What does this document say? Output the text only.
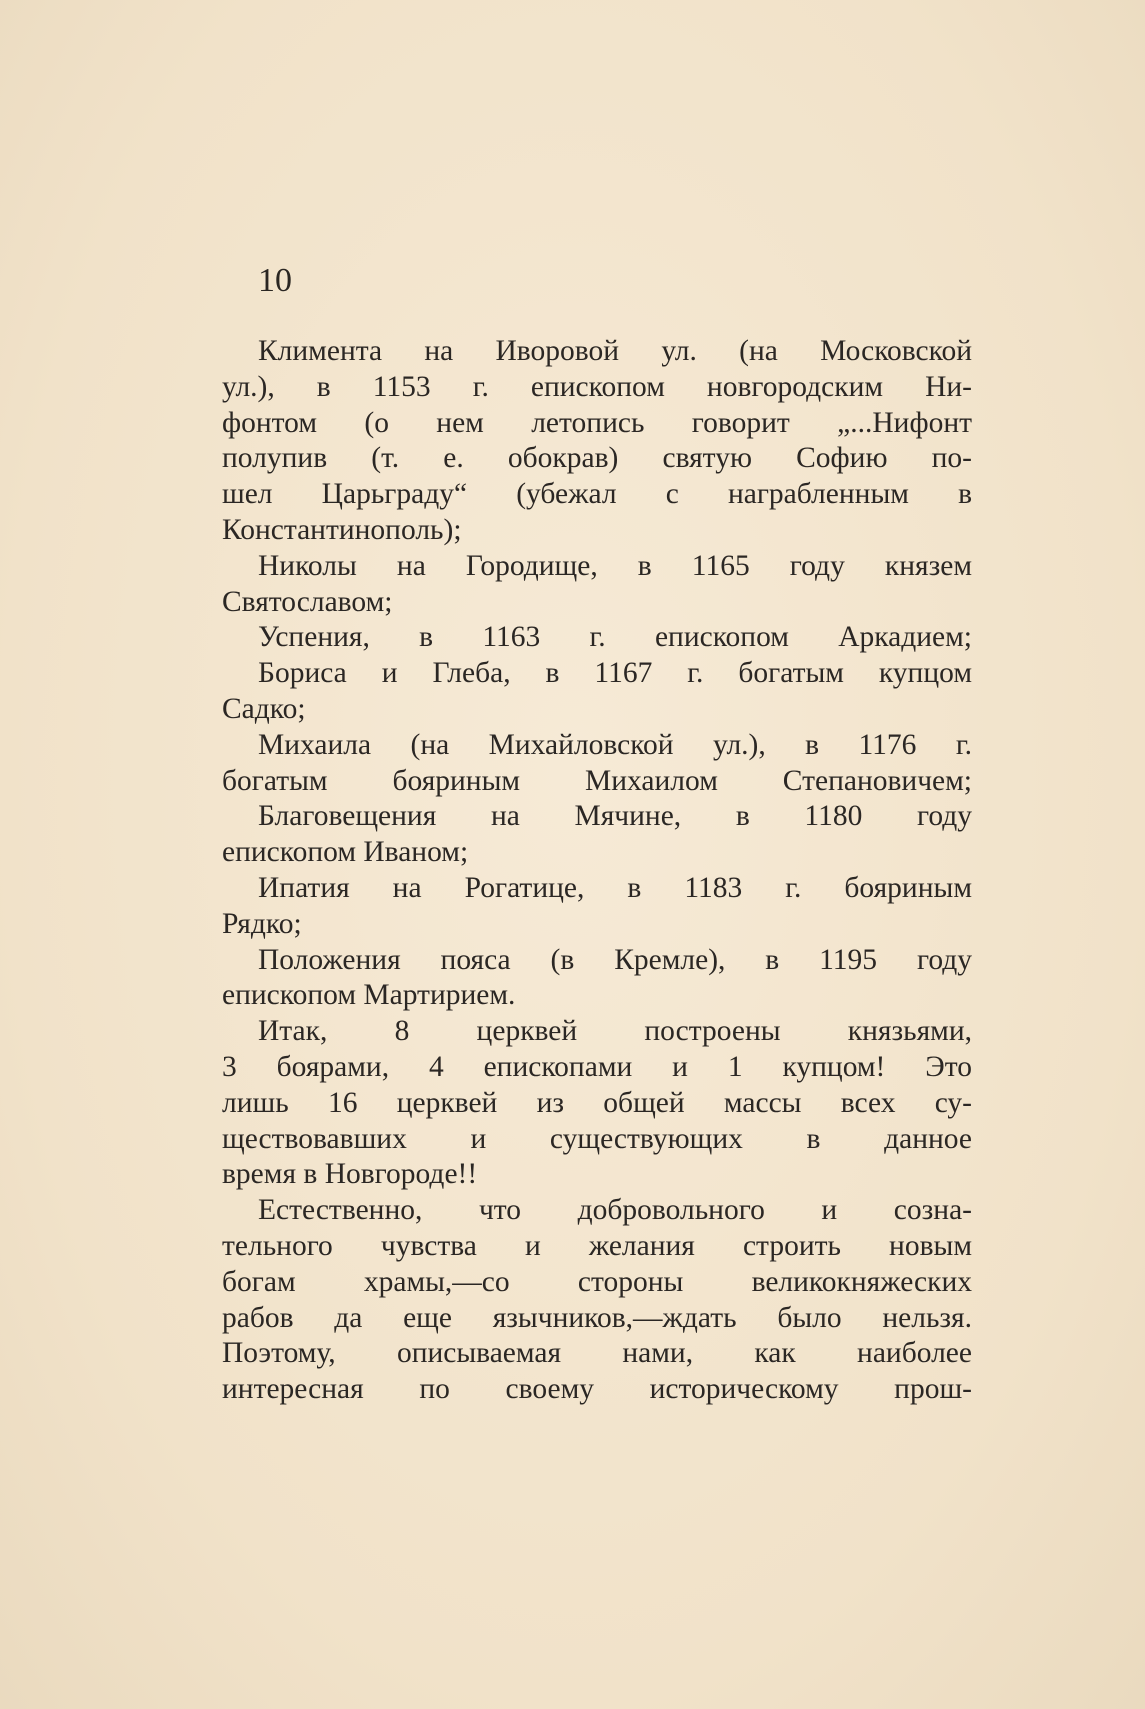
10
Климента на Иворовой ул. (на Московской
ул.), в 1153 г. епископом новгородским Ни-
фонтом (о нем летопись говорит „...Нифонт
полупив (т. е. обокрав) святую Софию по-
шел Царьграду“ (убежал с награбленным в
Константинополь);
Николы на Городище, в 1165 году князем
Святославом;
Успения, в 1163 г. епископом Аркадием;
Бориса и Глеба, в 1167 г. богатым купцом
Садко;
Михаила (на Михайловской ул.), в 1176 г.
богатым бояриным Михаилом Степановичем;
Благовещения на Мячине, в 1180 году
епископом Иваном;
Ипатия на Рогатице, в 1183 г. бояриным
Рядко;
Положения пояса (в Кремле), в 1195 году
епископом Мартирием.
Итак, 8 церквей построены князьями,
3 боярами, 4 епископами и 1 купцом! Это
лишь 16 церквей из общей массы всех су-
ществовавших и существующих в данное
время в Новгороде!!
Естественно, что добровольного и созна-
тельного чувства и желания строить новым
богам храмы,—со стороны великокняжеских
рабов да еще язычников,—ждать было нельзя.
Поэтому, описываемая нами, как наиболее
интересная по своему историческому прош-
